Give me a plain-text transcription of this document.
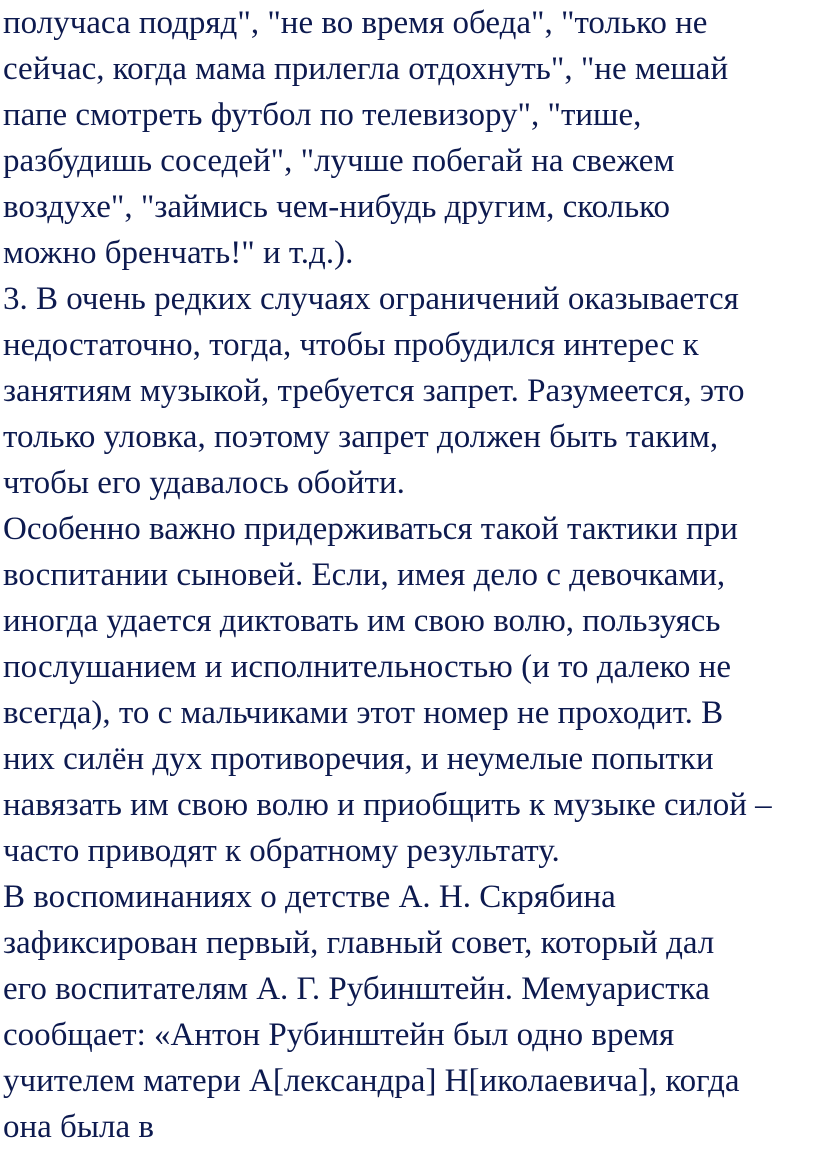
получаса подряд", "не во время обеда", "только не
сейчас, когда мама прилегла отдохнуть", "не мешай
папе смотреть футбол по телевизору", "тише,
разбудишь соседей", "лучше побегай на свежем
воздухе", "займись чем-нибудь другим, сколько
можно бренчать!" и т.д.).
3. В очень редких случаях ограничений оказывается
недостаточно, тогда, чтобы пробудился интерес к
занятиям музыкой, требуется запрет. Разумеется, это
только уловка, поэтому запрет должен быть таким,
чтобы его удавалось обойти.
Особенно важно придерживаться такой тактики при
воспитании сыновей. Если, имея дело с девочками,
иногда удается диктовать им свою волю, пользуясь
послушанием и исполнительностью (и то далеко не
всегда), то с мальчиками этот номер не проходит. В
них силён дух противоречия, и неумелые попытки
навязать им свою волю и приобщить к музыке силой –
часто приводят к обратному результату.
В воспоминаниях о детстве А. Н. Скрябина
зафиксирован первый, главный совет, который дал
его воспитателям А. Г. Рубинштейн. Мемуаристка
сообщает: «Антон Рубинштейн был одно время
учителем матери А[лександра] Н[иколаевича], когда
она была в
